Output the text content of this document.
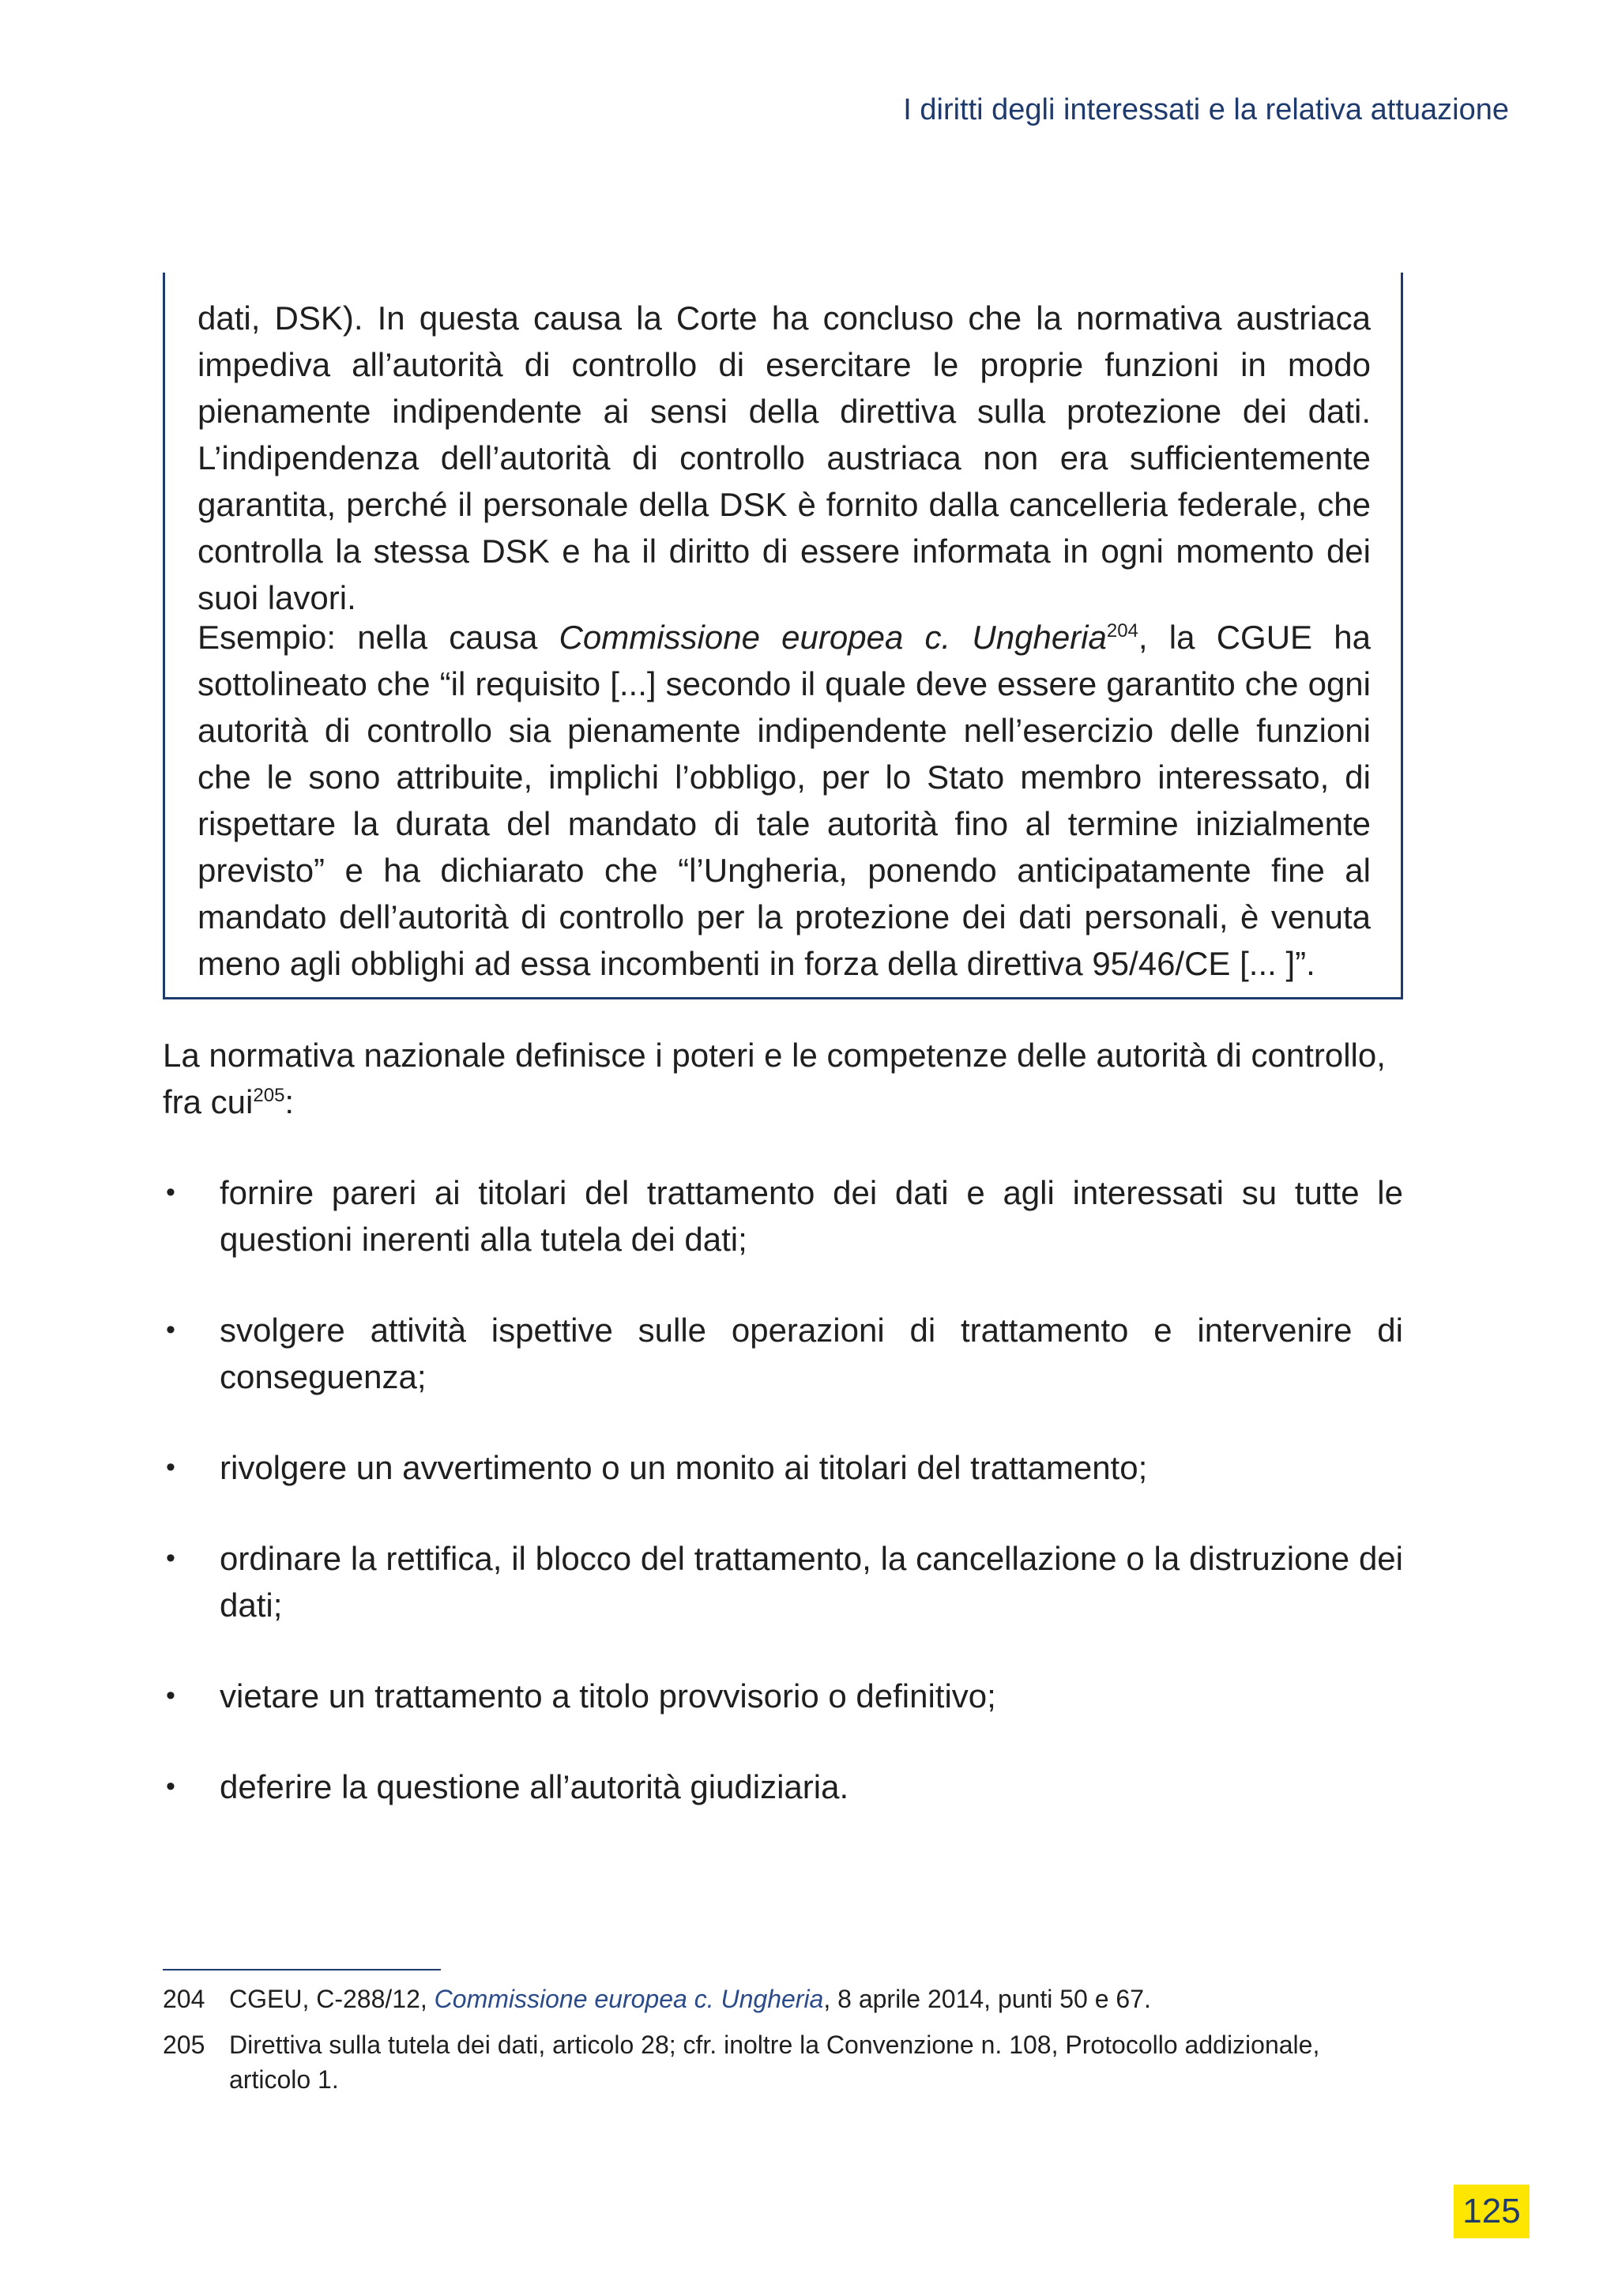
I diritti degli interessati e la relativa attuazione

dati, DSK). In questa causa la Corte ha concluso che la normativa austriaca impediva all’autorità di controllo di esercitare le proprie funzioni in modo pienamente indipendente ai sensi della direttiva sulla protezione dei dati. L’indipendenza dell’autorità di controllo austriaca non era sufficientemente garantita, perché il personale della DSK è fornito dalla cancelleria federale, che controlla la stessa DSK e ha il diritto di essere informata in ogni momento dei suoi lavori.

Esempio: nella causa Commissione europea c. Ungheria$^{204}$, la CGUE ha sottolineato che “il requisito [...] secondo il quale deve essere garantito che ogni autorità di controllo sia pienamente indipendente nell’esercizio delle funzioni che le sono attribuite, implichi l’obbligo, per lo Stato membro interessato, di rispettare la durata del mandato di tale autorità fino al termine inizialmente previsto” e ha dichiarato che “l’Ungheria, ponendo anticipatamente fine al mandato dell’autorità di controllo per la protezione dei dati personali, è venuta meno agli obblighi ad essa incombenti in forza della direttiva 95/46/CE [... ]”.

La normativa nazionale definisce i poteri e le competenze delle autorità di controllo, fra cui$^{205}$:

• fornire pareri ai titolari del trattamento dei dati e agli interessati su tutte le questioni inerenti alla tutela dei dati;
• svolgere attività ispettive sulle operazioni di trattamento e intervenire di conseguenza;
• rivolgere un avvertimento o un monito ai titolari del trattamento;
• ordinare la rettifica, il blocco del trattamento, la cancellazione o la distruzione dei dati;
• vietare un trattamento a titolo provvisorio o definitivo;
• deferire la questione all’autorità giudiziaria.
204 CGEU, C-288/12, Commissione europea c. Ungheria, 8 aprile 2014, punti 50 e 67.
205 Direttiva sulla tutela dei dati, articolo 28; cfr. inoltre la Convenzione n. 108, Protocollo addizionale, articolo 1.
125
